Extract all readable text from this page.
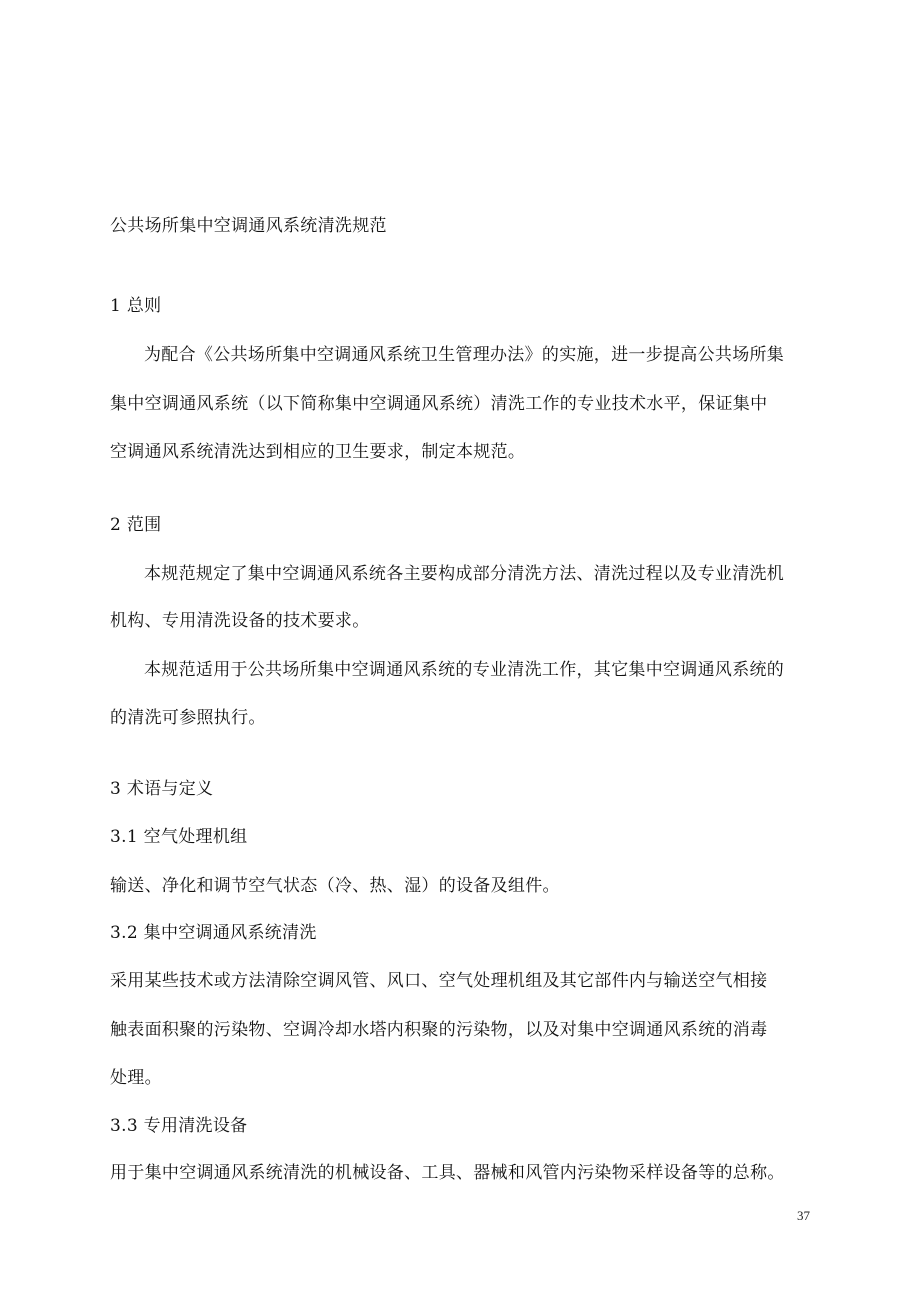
公共场所集中空调通风系统清洗规范
1 总则
为配合《公共场所集中空调通风系统卫生管理办法》的实施，进一步提高公共场所集
集中空调通风系统（以下简称集中空调通风系统）清洗工作的专业技术水平，保证集中
空调通风系统清洗达到相应的卫生要求，制定本规范。
2 范围
本规范规定了集中空调通风系统各主要构成部分清洗方法、清洗过程以及专业清洗机
机构、专用清洗设备的技术要求。
本规范适用于公共场所集中空调通风系统的专业清洗工作，其它集中空调通风系统的
的清洗可参照执行。
3 术语与定义
3.1 空气处理机组
输送、净化和调节空气状态（冷、热、湿）的设备及组件。
3.2 集中空调通风系统清洗
采用某些技术或方法清除空调风管、风口、空气处理机组及其它部件内与输送空气相接
触表面积聚的污染物、空调冷却水塔内积聚的污染物，以及对集中空调通风系统的消毒
处理。
3.3 专用清洗设备
用于集中空调通风系统清洗的机械设备、工具、器械和风管内污染物采样设备等的总称。
37
